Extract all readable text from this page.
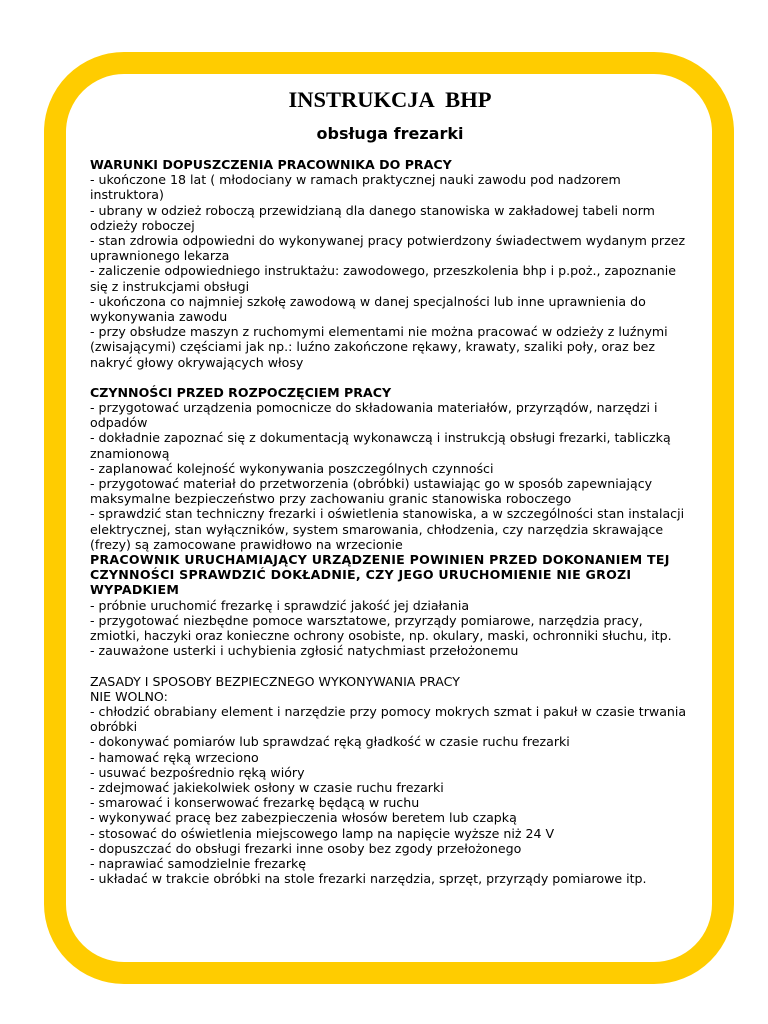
INSTRUKCJA BHP
obsługa frezarki
WARUNKI DOPUSZCZENIA PRACOWNIKA DO PRACY
- ukończone 18 lat ( młodociany w ramach praktycznej nauki zawodu pod nadzorem instruktora)
- ubrany w odzież roboczą przewidzianą dla danego stanowiska w zakładowej tabeli norm odzieży roboczej
- stan zdrowia odpowiedni do wykonywanej pracy potwierdzony świadectwem wydanym przez uprawnionego lekarza
- zaliczenie odpowiedniego instruktażu: zawodowego, przeszkolenia bhp i p.poż., zapoznanie się z instrukcjami obsługi
- ukończona co najmniej szkołę zawodową w danej specjalności lub inne uprawnienia do wykonywania zawodu
- przy obsłudze maszyn z ruchomymi elementami nie można pracować w odzieży z luźnymi (zwisającymi) częściami jak np.: luźno zakończone rękawy, krawaty, szaliki poły, oraz bez nakryć głowy okrywających włosy
CZYNNOŚCI PRZED ROZPOCZĘCIEM PRACY
- przygotować urządzenia pomocnicze do składowania materiałów, przyrządów, narzędzi i odpadów
- dokładnie zapoznać się z dokumentacją wykonawczą i instrukcją obsługi frezarki, tabliczką znamionową
- zaplanować kolejność wykonywania poszczególnych czynności
- przygotować materiał do przetworzenia (obróbki) ustawiając go w sposób zapewniający maksymalne bezpieczeństwo przy zachowaniu granic stanowiska roboczego
- sprawdzić stan techniczny frezarki i oświetlenia stanowiska, a w szczególności stan instalacji elektrycznej, stan wyłączników, system smarowania, chłodzenia, czy narzędzia skrawające (frezy) są zamocowane prawidłowo na wrzecionie
PRACOWNIK URUCHAMIAJĄCY URZĄDZENIE POWINIEN PRZED DOKONANIEM TEJ CZYNNOŚCI SPRAWDZIĆ DOKŁADNIE, CZY JEGO URUCHOMIENIE NIE GROZI WYPADKIEM
- próbnie uruchomić frezarkę i sprawdzić jakość jej działania
- przygotować niezbędne pomoce warsztatowe, przyrządy pomiarowe, narzędzia pracy, zmiotki, haczyki oraz konieczne ochrony osobiste, np. okulary, maski, ochronniki słuchu, itp.
- zauważone usterki i uchybienia zgłosić natychmiast przełożonemu
ZASADY I SPOSOBY BEZPIECZNEGO WYKONYWANIA PRACY
NIE WOLNO:
- chłodzić obrabiany element i narzędzie przy pomocy mokrych szmat i pakuł w czasie trwania obróbki
- dokonywać pomiarów lub sprawdzać ręką gładkość w czasie ruchu frezarki
- hamować ręką wrzeciono
- usuwać bezpośrednio ręką wióry
- zdejmować jakiekolwiek osłony w czasie ruchu frezarki
- smarować i konserwować frezarkę będącą w ruchu
- wykonywać pracę bez zabezpieczenia włosów beretem lub czapką
- stosować do oświetlenia miejscowego lamp na napięcie wyższe niż 24 V
- dopuszczać do obsługi frezarki inne osoby bez zgody przełożonego
- naprawiać samodzielnie frezarkę
- układać w trakcie obróbki na stole frezarki narzędzia, sprzęt, przyrządy pomiarowe itp.
